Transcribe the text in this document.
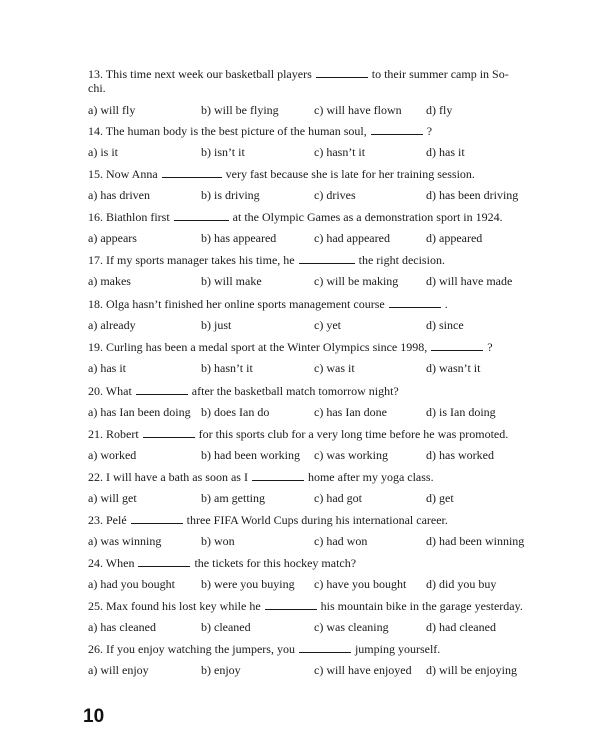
13. This time next week our basketball players	to their summer camp in So-
chi.
a) will fly	b) will be flying	c) will have flown d) fly
14. The human body is the best picture of the human soul,	?
a) is it	b) isn’t it	c) hasn’t it	d) has it
15. Now Anna	very fast because she is late for her training session.
a) has driven	b) is driving	c) drives	d) has been driving
16. Biathlon first	at the Olympic Games as a demonstration sport in 1924.
a) appears	b) has appeared	c) had appeared	d) appeared
17. If my sports manager takes his time, he	the right decision.
a) makes	b) will make	c) will be making d) will have made
18. Olga hasn’t finished her online sports management course	.
a) already	b) just	c) yet	d) since
19. Curling has been a medal sport at the Winter Olympics since 1998,	?
a) has it	b) hasn’t it	c) was it	d) wasn’t it
20. What	after the basketball match tomorrow night?
a) has Ian been doing b) does Ian do	c) has Ian done	d) is Ian doing
21. Robert	for this sports club for a very long time before he was promoted.
a) worked	b) had been working c) was working	d) has worked
22. I will have a bath as soon as I	home after my yoga class.
a) will get	b) am getting	c) had got	d) get
23. Pelé	three FIFA World Cups during his international career.
a) was winning	b) won	c) had won	d) had been winning
24. When	the tickets for this hockey match?
a) had you bought b) were you buying c) have you bought d) did you buy
25. Max found his lost key while he	his mountain bike in the garage yesterday.
a) has cleaned	b) cleaned	c) was cleaning	d) had cleaned
26. If you enjoy watching the jumpers, you	jumping yourself.
a) will enjoy	b) enjoy	c) will have enjoyed d) will be enjoying
10
